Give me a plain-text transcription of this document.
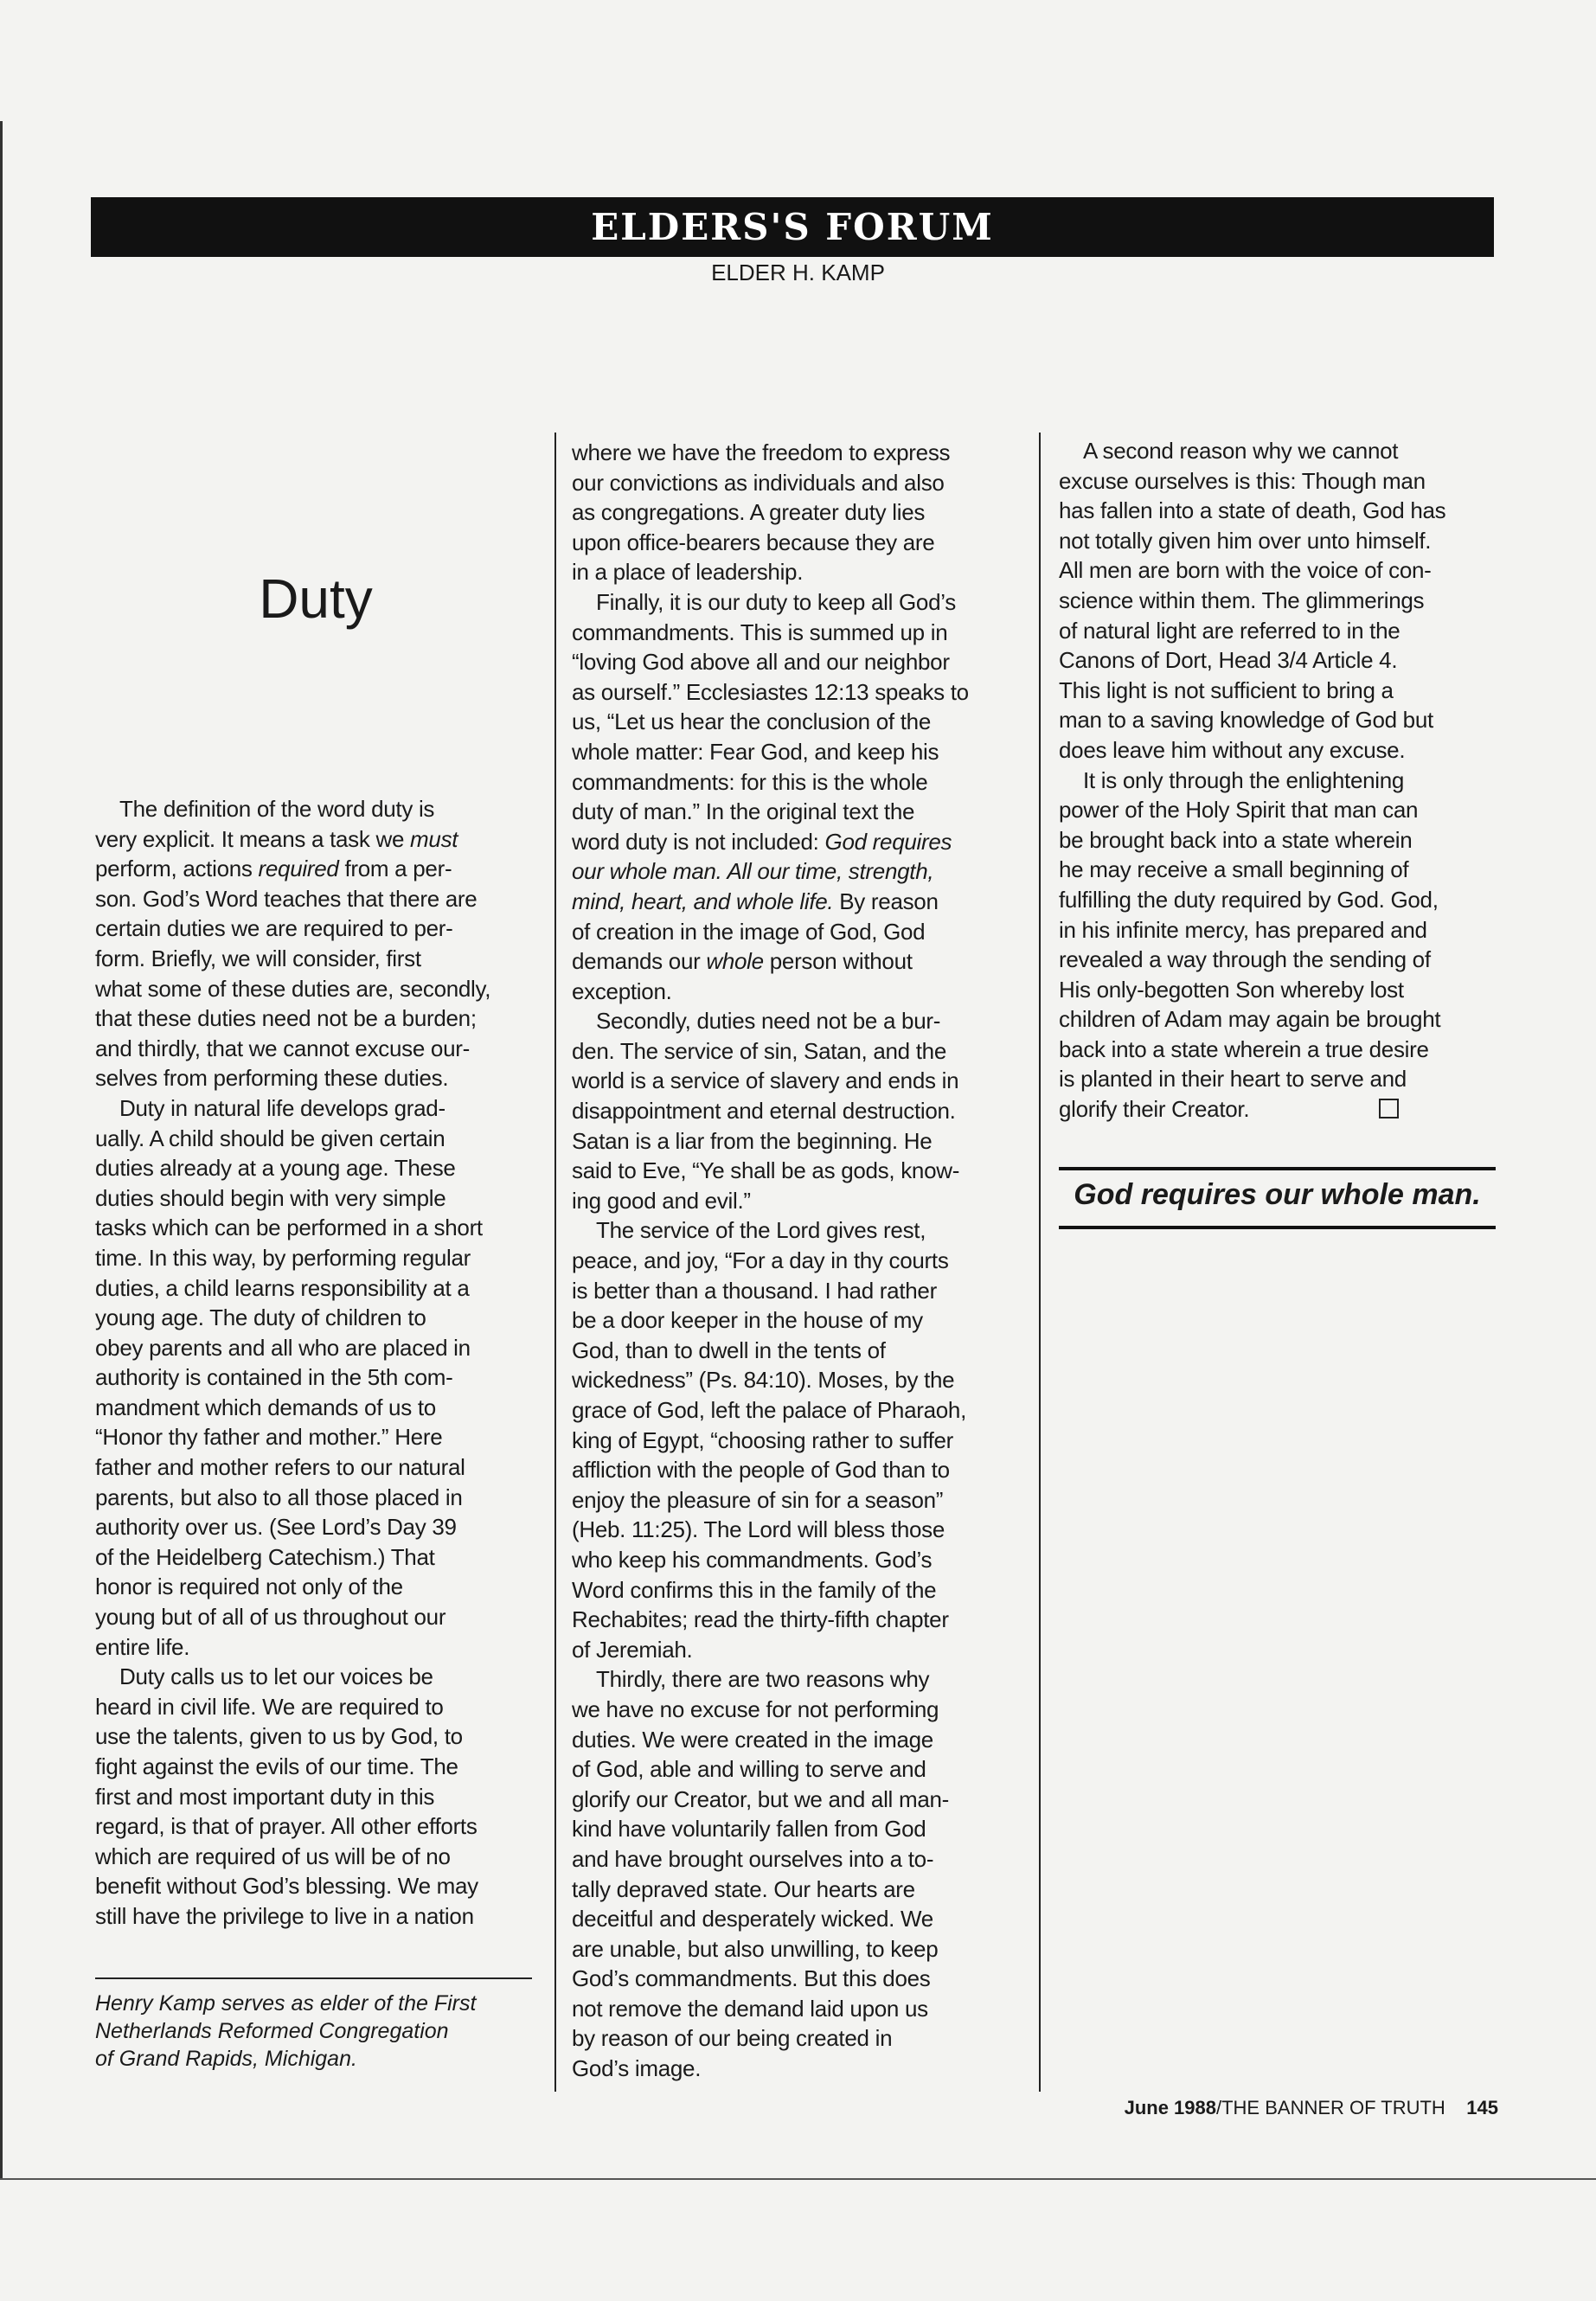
ELDERS'S FORUM
ELDER H. KAMP
Duty
The definition of the word duty is
very explicit. It means a task we must
perform, actions required from a per-
son. God’s Word teaches that there are
certain duties we are required to per-
form. Briefly, we will consider, first
what some of these duties are, secondly,
that these duties need not be a burden;
and thirdly, that we cannot excuse our-
selves from performing these duties.
Duty in natural life develops grad-
ually. A child should be given certain
duties already at a young age. These
duties should begin with very simple
tasks which can be performed in a short
time. In this way, by performing regular
duties, a child learns responsibility at a
young age. The duty of children to
obey parents and all who are placed in
authority is contained in the 5th com-
mandment which demands of us to
“Honor thy father and mother.” Here
father and mother refers to our natural
parents, but also to all those placed in
authority over us. (See Lord’s Day 39
of the Heidelberg Catechism.) That
honor is required not only of the
young but of all of us throughout our
entire life.
Duty calls us to let our voices be
heard in civil life. We are required to
use the talents, given to us by God, to
fight against the evils of our time. The
first and most important duty in this
regard, is that of prayer. All other efforts
which are required of us will be of no
benefit without God’s blessing. We may
still have the privilege to live in a nation
where we have the freedom to express
our convictions as individuals and also
as congregations. A greater duty lies
upon office-bearers because they are
in a place of leadership.
Finally, it is our duty to keep all God’s
commandments. This is summed up in
“loving God above all and our neighbor
as ourself.” Ecclesiastes 12:13 speaks to
us, “Let us hear the conclusion of the
whole matter: Fear God, and keep his
commandments: for this is the whole
duty of man.” In the original text the
word duty is not included: God requires
our whole man. All our time, strength,
mind, heart, and whole life. By reason
of creation in the image of God, God
demands our whole person without
exception.
Secondly, duties need not be a bur-
den. The service of sin, Satan, and the
world is a service of slavery and ends in
disappointment and eternal destruction.
Satan is a liar from the beginning. He
said to Eve, “Ye shall be as gods, know-
ing good and evil.”
The service of the Lord gives rest,
peace, and joy, “For a day in thy courts
is better than a thousand. I had rather
be a door keeper in the house of my
God, than to dwell in the tents of
wickedness” (Ps. 84:10). Moses, by the
grace of God, left the palace of Pharaoh,
king of Egypt, “choosing rather to suffer
affliction with the people of God than to
enjoy the pleasure of sin for a season”
(Heb. 11:25). The Lord will bless those
who keep his commandments. God’s
Word confirms this in the family of the
Rechabites; read the thirty-fifth chapter
of Jeremiah.
Thirdly, there are two reasons why
we have no excuse for not performing
duties. We were created in the image
of God, able and willing to serve and
glorify our Creator, but we and all man-
kind have voluntarily fallen from God
and have brought ourselves into a to-
tally depraved state. Our hearts are
deceitful and desperately wicked. We
are unable, but also unwilling, to keep
God’s commandments. But this does
not remove the demand laid upon us
by reason of our being created in
God’s image.
A second reason why we cannot
excuse ourselves is this: Though man
has fallen into a state of death, God has
not totally given him over unto himself.
All men are born with the voice of con-
science within them. The glimmerings
of natural light are referred to in the
Canons of Dort, Head 3/4 Article 4.
This light is not sufficient to bring a
man to a saving knowledge of God but
does leave him without any excuse.
It is only through the enlightening
power of the Holy Spirit that man can
be brought back into a state wherein
he may receive a small beginning of
fulfilling the duty required by God. God,
in his infinite mercy, has prepared and
revealed a way through the sending of
His only-begotten Son whereby lost
children of Adam may again be brought
back into a state wherein a true desire
is planted in their heart to serve and
glorify their Creator.
Henry Kamp serves as elder of the First
Netherlands Reformed Congregation
of Grand Rapids, Michigan.
God requires our whole man.
June 1988/THE BANNER OF TRUTH 145
